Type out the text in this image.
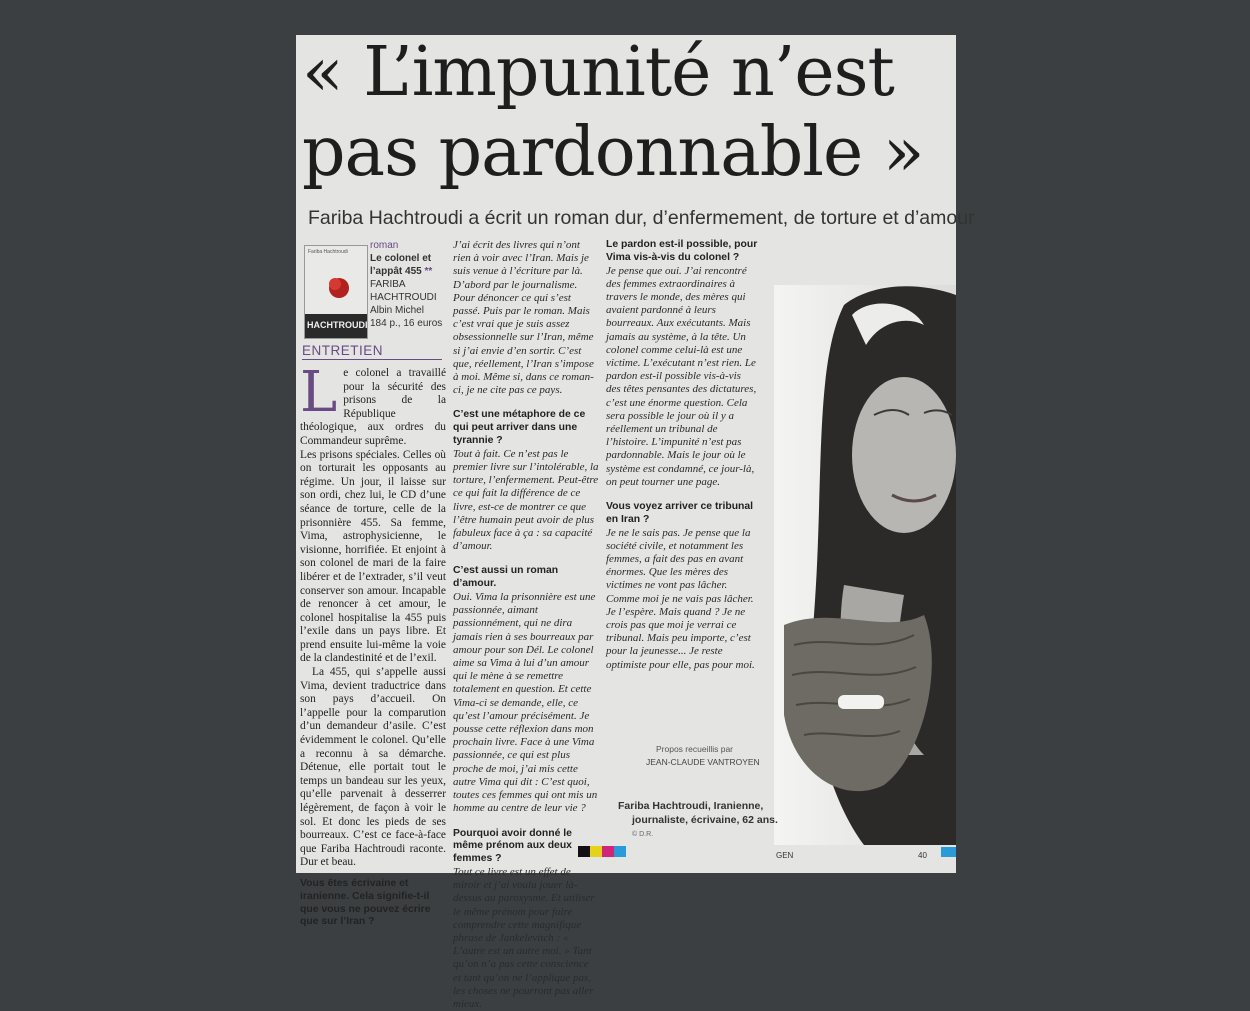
« L’impunité n’est
pas pardonnable »
Fariba Hachtroudi a écrit un roman dur, d’enfermement, de torture et d’amour
Fariba Hachtroudi
HACHTROUDI
roman
Le colonel et
l’appât 455 **
FARIBA
HACHTROUDI
Albin Michel
184 p., 16 euros
ENTRETIEN
L e colonel a travaillé pour la sécurité des prisons de la République théologique, aux ordres du Commandeur suprême.

Les prisons spéciales. Celles où on torturait les opposants au régime. Un jour, il laisse sur son ordi, chez lui, le CD d’une séance de torture, celle de la prisonnière 455. Sa femme, Vima, astrophysicienne, le visionne, horrifiée. Et enjoint à son colonel de mari de la faire libérer et de l’extrader, s’il veut conserver son amour. Incapable de renoncer à cet amour, le colonel hospitalise la 455 puis l’exile dans un pays libre. Et prend ensuite lui-même la voie de la clandestinité et de l’exil.

La 455, qui s’appelle aussi Vima, devient traductrice dans son pays d’accueil. On l’appelle pour la comparution d’un demandeur d’asile. C’est évidemment le colonel. Qu’elle a reconnu à sa démarche. Détenue, elle portait tout le temps un bandeau sur les yeux, qu’elle parvenait à desserrer légèrement, de façon à voir le sol. Et donc les pieds de ses bourreaux. C’est ce face-à-face que Fariba Hachtroudi raconte. Dur et beau.

Vous êtes écrivaine et iranienne. Cela signifie-t-il que vous ne pouvez écrire que sur l’Iran ?

J’ai écrit des livres qui n’ont rien à voir avec l’Iran. Mais je suis venue à l’écriture par là. D’abord par le journalisme. Pour dénoncer ce qui s’est passé. Puis par le roman. Mais c’est vrai que je suis assez obsessionnelle sur l’Iran, même si j’ai envie d’en sortir. C’est que, réellement, l’Iran s’impose à moi. Même si, dans ce roman-ci, je ne cite pas ce pays.

C’est une métaphore de ce qui peut arriver dans une tyrannie ?

Tout à fait. Ce n’est pas le premier livre sur l’intolérable, la torture, l’enfermement. Peut-être ce qui fait la différence de ce livre, est-ce de montrer ce que l’être humain peut avoir de plus fabuleux face à ça : sa capacité d’amour.

C’est aussi un roman d’amour.

Oui. Vima la prisonnière est une passionnée, aimant passionnément, qui ne dira jamais rien à ses bourreaux par amour pour son Dél. Le colonel aime sa Vima à lui d’un amour qui le mène à se remettre totalement en question. Et cette Vima-ci se demande, elle, ce qu’est l’amour précisément. Je pousse cette réflexion dans mon prochain livre. Face à une Vima passionnée, ce qui est plus proche de moi, j’ai mis cette autre Vima qui dit : C’est quoi, toutes ces femmes qui ont mis un homme au centre de leur vie ?

Pourquoi avoir donné le même prénom aux deux femmes ?

Tout ce livre est un effet de miroir et j’ai voulu jouer là-dessus au paroxysme. Et utiliser le même prénom pour faire comprendre cette magnifique phrase de Jankelevitch : « L’autre est un autre moi. » Tant qu’on n’a pas cette conscience et tant qu’on ne l’applique pas, les choses ne pourront pas aller mieux.

Le pardon est-il possible, pour Vima vis-à-vis du colonel ?

Je pense que oui. J’ai rencontré des femmes extraordinaires à travers le monde, des mères qui avaient pardonné à leurs bourreaux. Aux exécutants. Mais jamais au système, à la tête. Un colonel comme celui-là est une victime. L’exécutant n’est rien. Le pardon est-il possible vis-à-vis des têtes pensantes des dictatures, c’est une énorme question. Cela sera possible le jour où il y a réellement un tribunal de l’histoire. L’impunité n’est pas pardonnable. Mais le jour où le système est condamné, ce jour-là, on peut tourner une page.

Vous voyez arriver ce tribunal en Iran ?

Je ne le sais pas. Je pense que la société civile, et notamment les femmes, a fait des pas en avant énormes. Que les mères des victimes ne vont pas lâcher. Comme moi je ne vais pas lâcher. Je l’espère. Mais quand ? Je ne crois pas que moi je verrai ce tribunal. Mais peu importe, c’est pour la jeunesse... Je reste optimiste pour elle, pas pour moi.

Propos recueillis par
JEAN-CLAUDE VANTROYEN
Fariba Hachtroudi, Iranienne,
journaliste, écrivaine, 62 ans.
© D.R.
GEN	40
